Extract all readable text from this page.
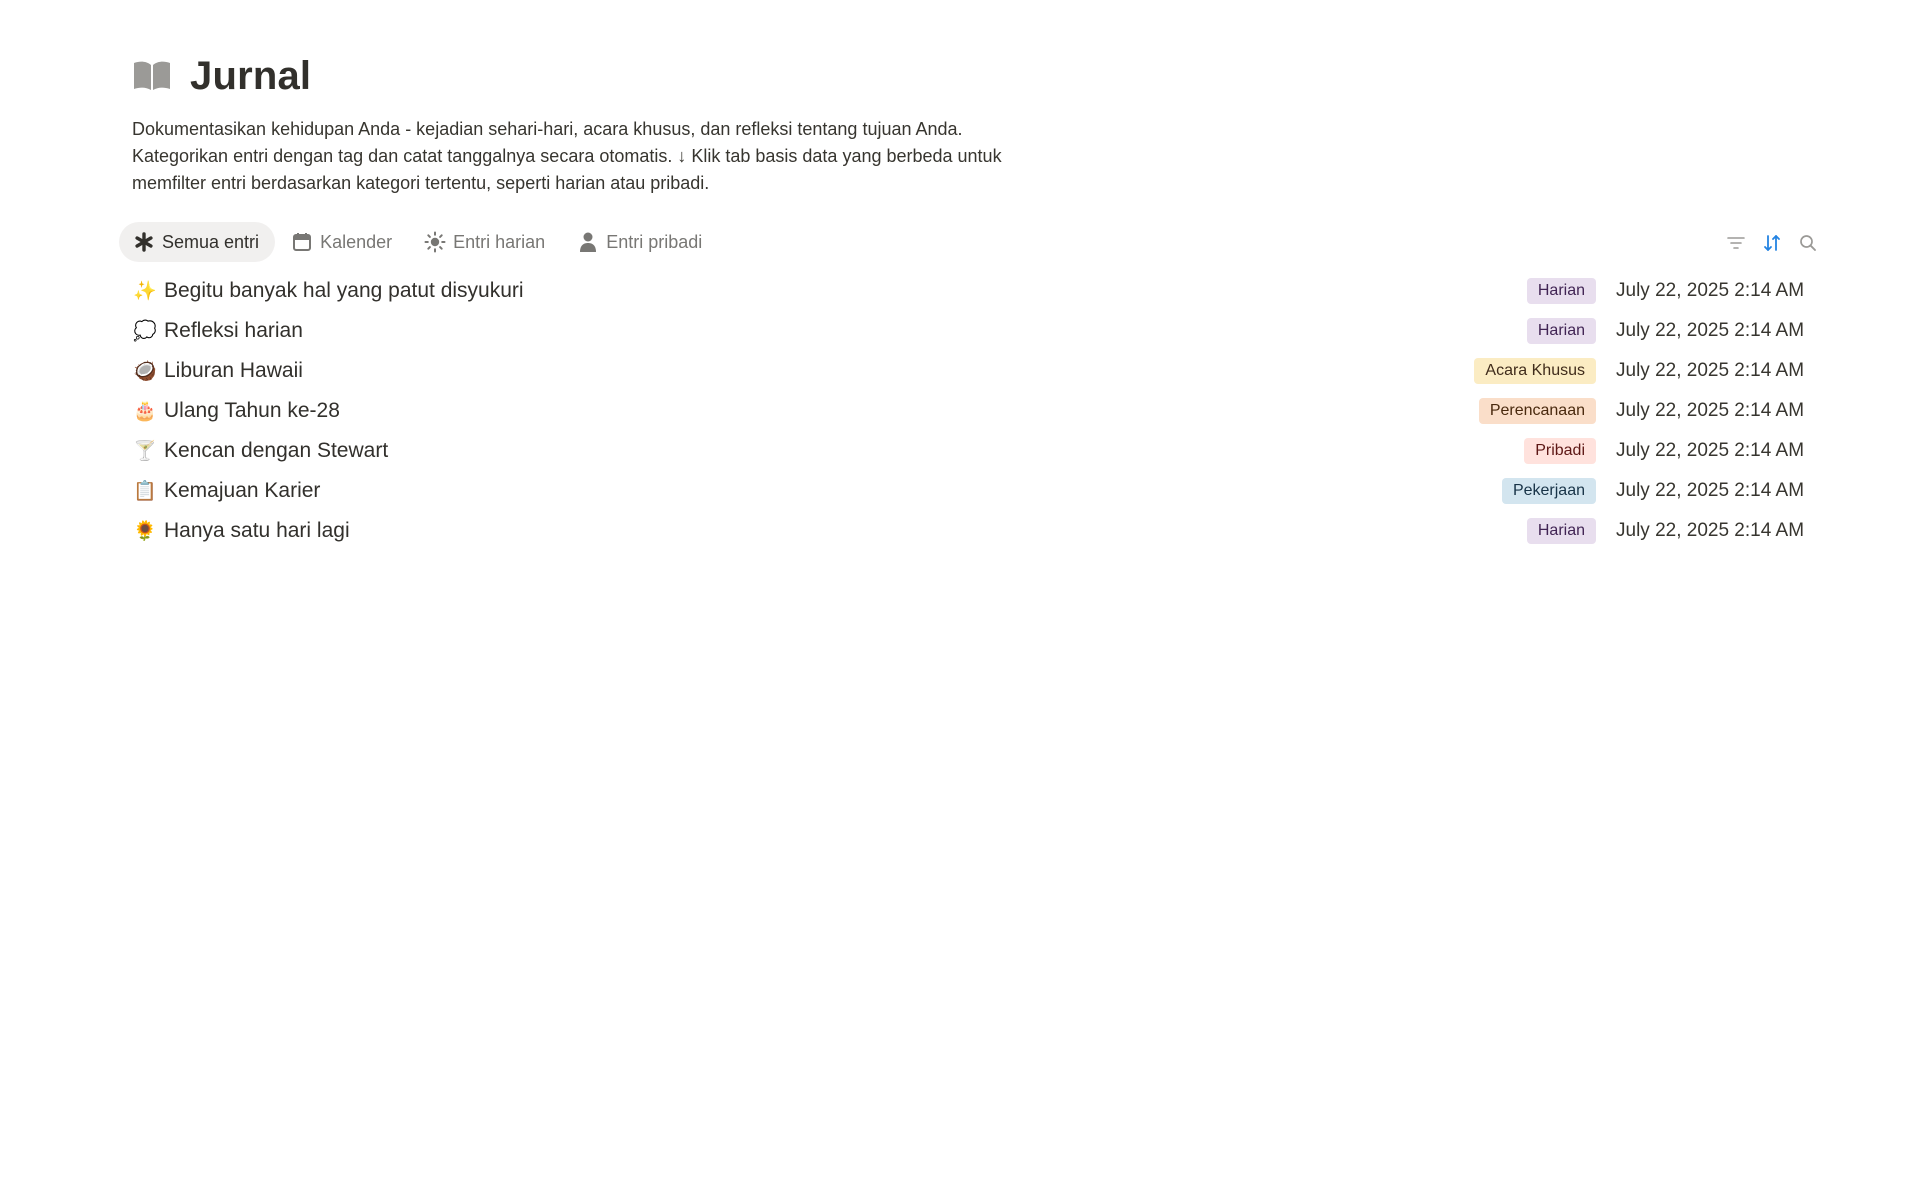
Jurnal
Dokumentasikan kehidupan Anda - kejadian sehari-hari, acara khusus, dan refleksi tentang tujuan Anda.
Kategorikan entri dengan tag dan catat tanggalnya secara otomatis. ↓ Klik tab basis data yang berbeda untuk
memfilter entri berdasarkan kategori tertentu, seperti harian atau pribadi.
Semua entri	Kalender	Entri harian	Entri pribadi
✨ Begitu banyak hal yang patut disyukuri	Harian	July 22, 2025 2:14 AM
💭 Refleksi harian	Harian	July 22, 2025 2:14 AM
🥥 Liburan Hawaii	Acara Khusus	July 22, 2025 2:14 AM
🎂 Ulang Tahun ke-28	Perencanaan	July 22, 2025 2:14 AM
🍸 Kencan dengan Stewart	Pribadi	July 22, 2025 2:14 AM
📋 Kemajuan Karier	Pekerjaan	July 22, 2025 2:14 AM
🌻 Hanya satu hari lagi	Harian	July 22, 2025 2:14 AM
